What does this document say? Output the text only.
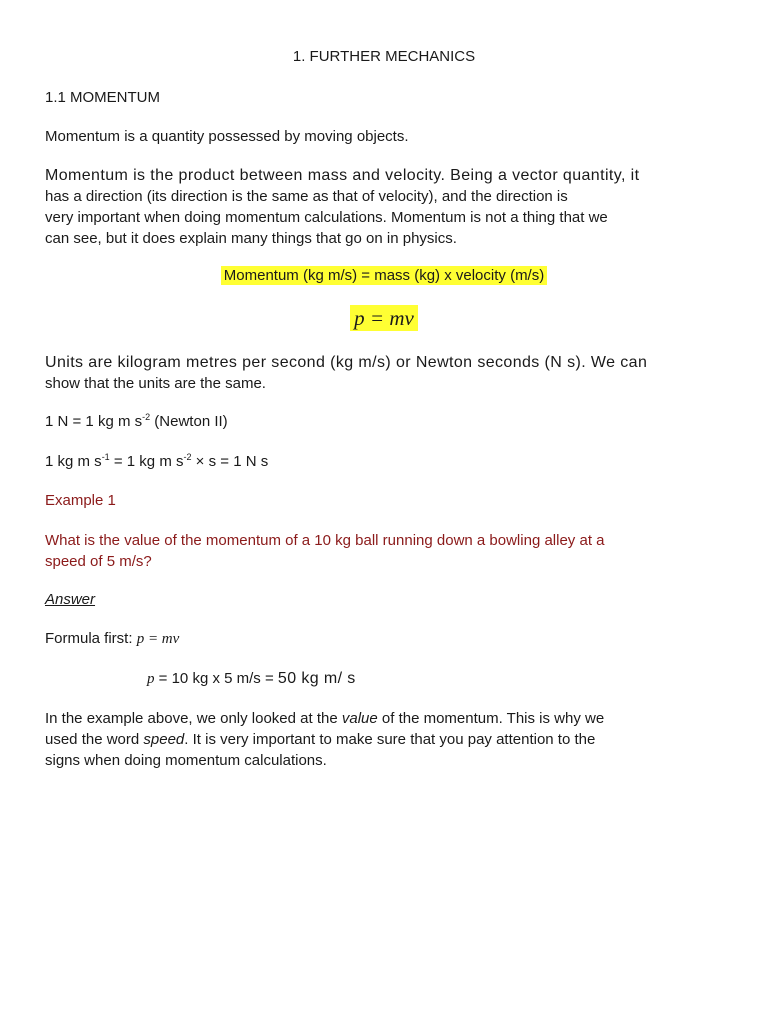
1. FURTHER MECHANICS
1.1 MOMENTUM
Momentum is a quantity possessed by moving objects.
Momentum is the product between mass and velocity. Being a vector quantity, it
has a direction (its direction is the same as that of velocity), and the direction is
very important when doing momentum calculations. Momentum is not a thing that we
can see, but it does explain many things that go on in physics.
Momentum (kg m/s) = mass (kg) x velocity (m/s)
p = mv
Units are kilogram metres per second (kg m/s) or Newton seconds (N s). We can
show that the units are the same.
1 N = 1 kg m $s^{-2}$ (Newton II)
1 kg m $s^{-1} = 1$ kg m $s^{-2} \times s = 1$ N s
Example 1
What is the value of the momentum of a 10 kg ball running down a bowling alley at a
speed of 5 m/s?
Answer
Formula first: p = mv
p = 10 kg x 5 m/s = 50 kg m/ s
In the example above, we only looked at the value of the momentum. This is why we
used the word speed. It is very important to make sure that you pay attention to the
signs when doing momentum calculations.
